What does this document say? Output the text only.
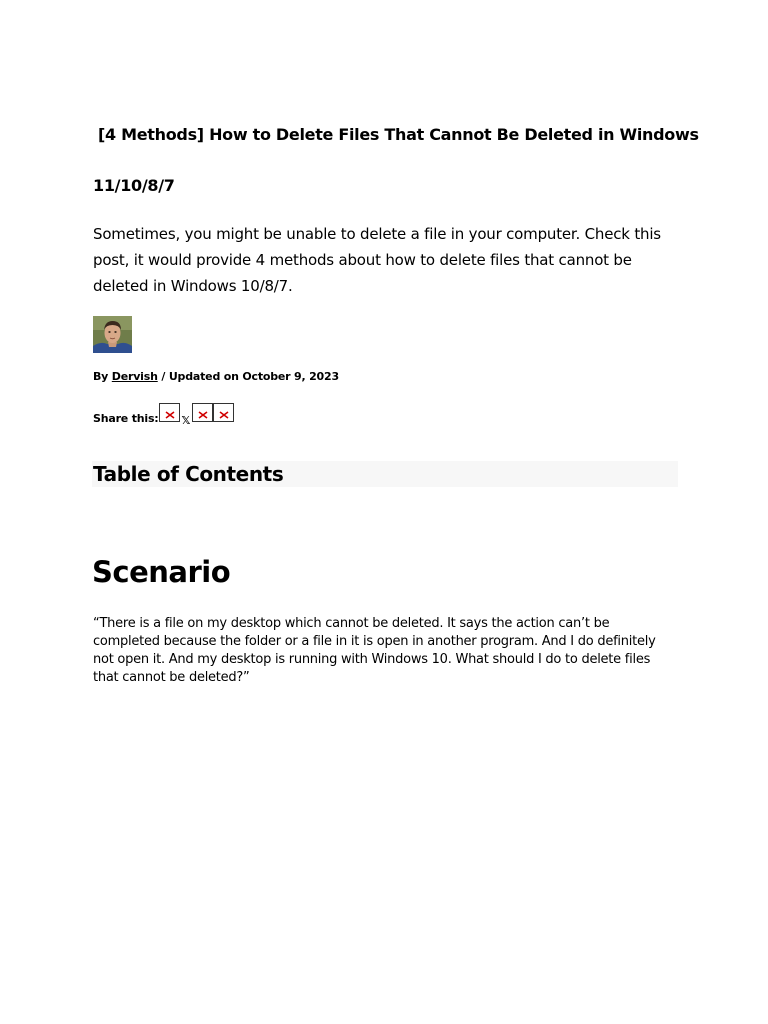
[4 Methods] How to Delete Files That Cannot Be Deleted in Windows
11/10/8/7

Sometimes, you might be unable to delete a file in your computer. Check this post, it would provide 4 methods about how to delete files that cannot be deleted in Windows 10/8/7.

By Dervish / Updated on October 9, 2023
Share this: 𝕏
Table of Contents
Scenario

“There is a file on my desktop which cannot be deleted. It says the action can’t be completed because the folder or a file in it is open in another program. And I do definitely not open it. And my desktop is running with Windows 10. What should I do to delete files that cannot be deleted?”
